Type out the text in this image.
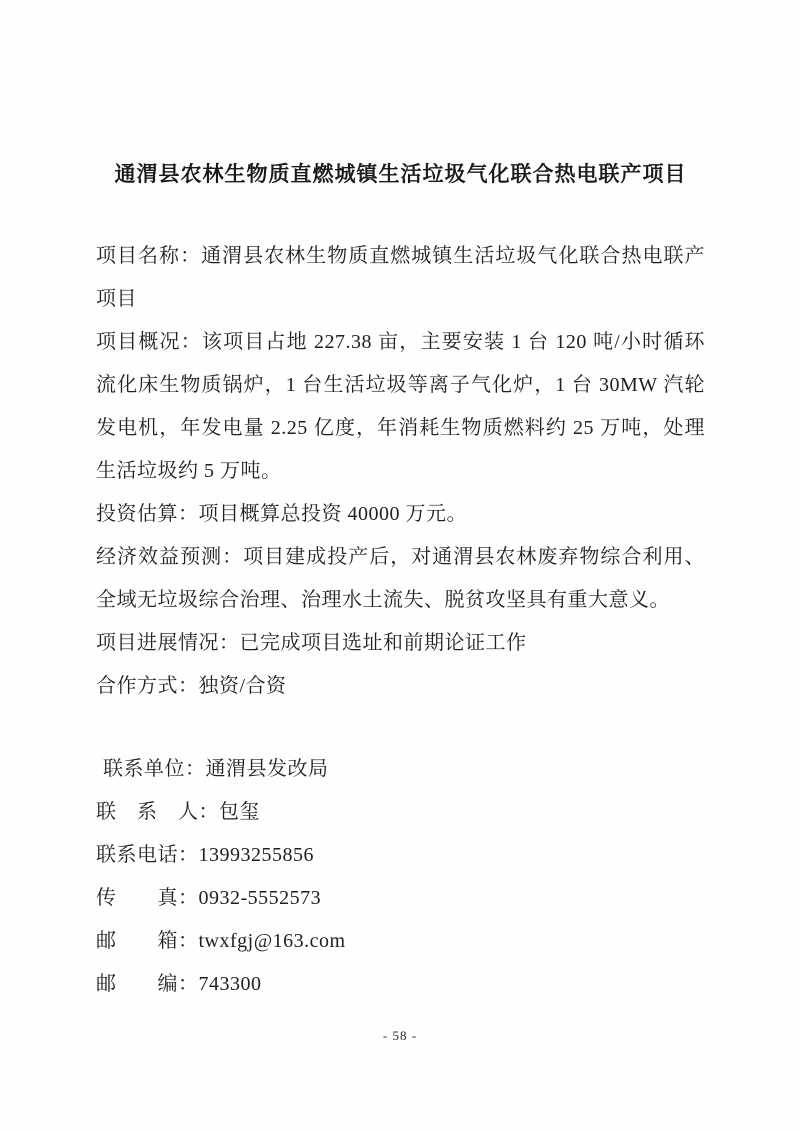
通渭县农林生物质直燃城镇生活垃圾气化联合热电联产项目

项目名称：通渭县农林生物质直燃城镇生活垃圾气化联合热电联产项目

项目概况：该项目占地 227.38 亩，主要安装 1 台 120 吨/小时循环流化床生物质锅炉，1 台生活垃圾等离子气化炉，1 台 30MW 汽轮发电机，年发电量 2.25 亿度，年消耗生物质燃料约 25 万吨，处理生活垃圾约 5 万吨。

投资估算：项目概算总投资 40000 万元。

经济效益预测：项目建成投产后，对通渭县农林废弃物综合利用、全域无垃圾综合治理、治理水土流失、脱贫攻坚具有重大意义。

项目进展情况：已完成项目选址和前期论证工作

合作方式：独资/合资

联系单位：通渭县发改局
联　系　人：包玺
联系电话：13993255856
传　　真：0932-5552573
邮　　箱：twxfgj@163.com
邮　　编：743300
- 58 -
